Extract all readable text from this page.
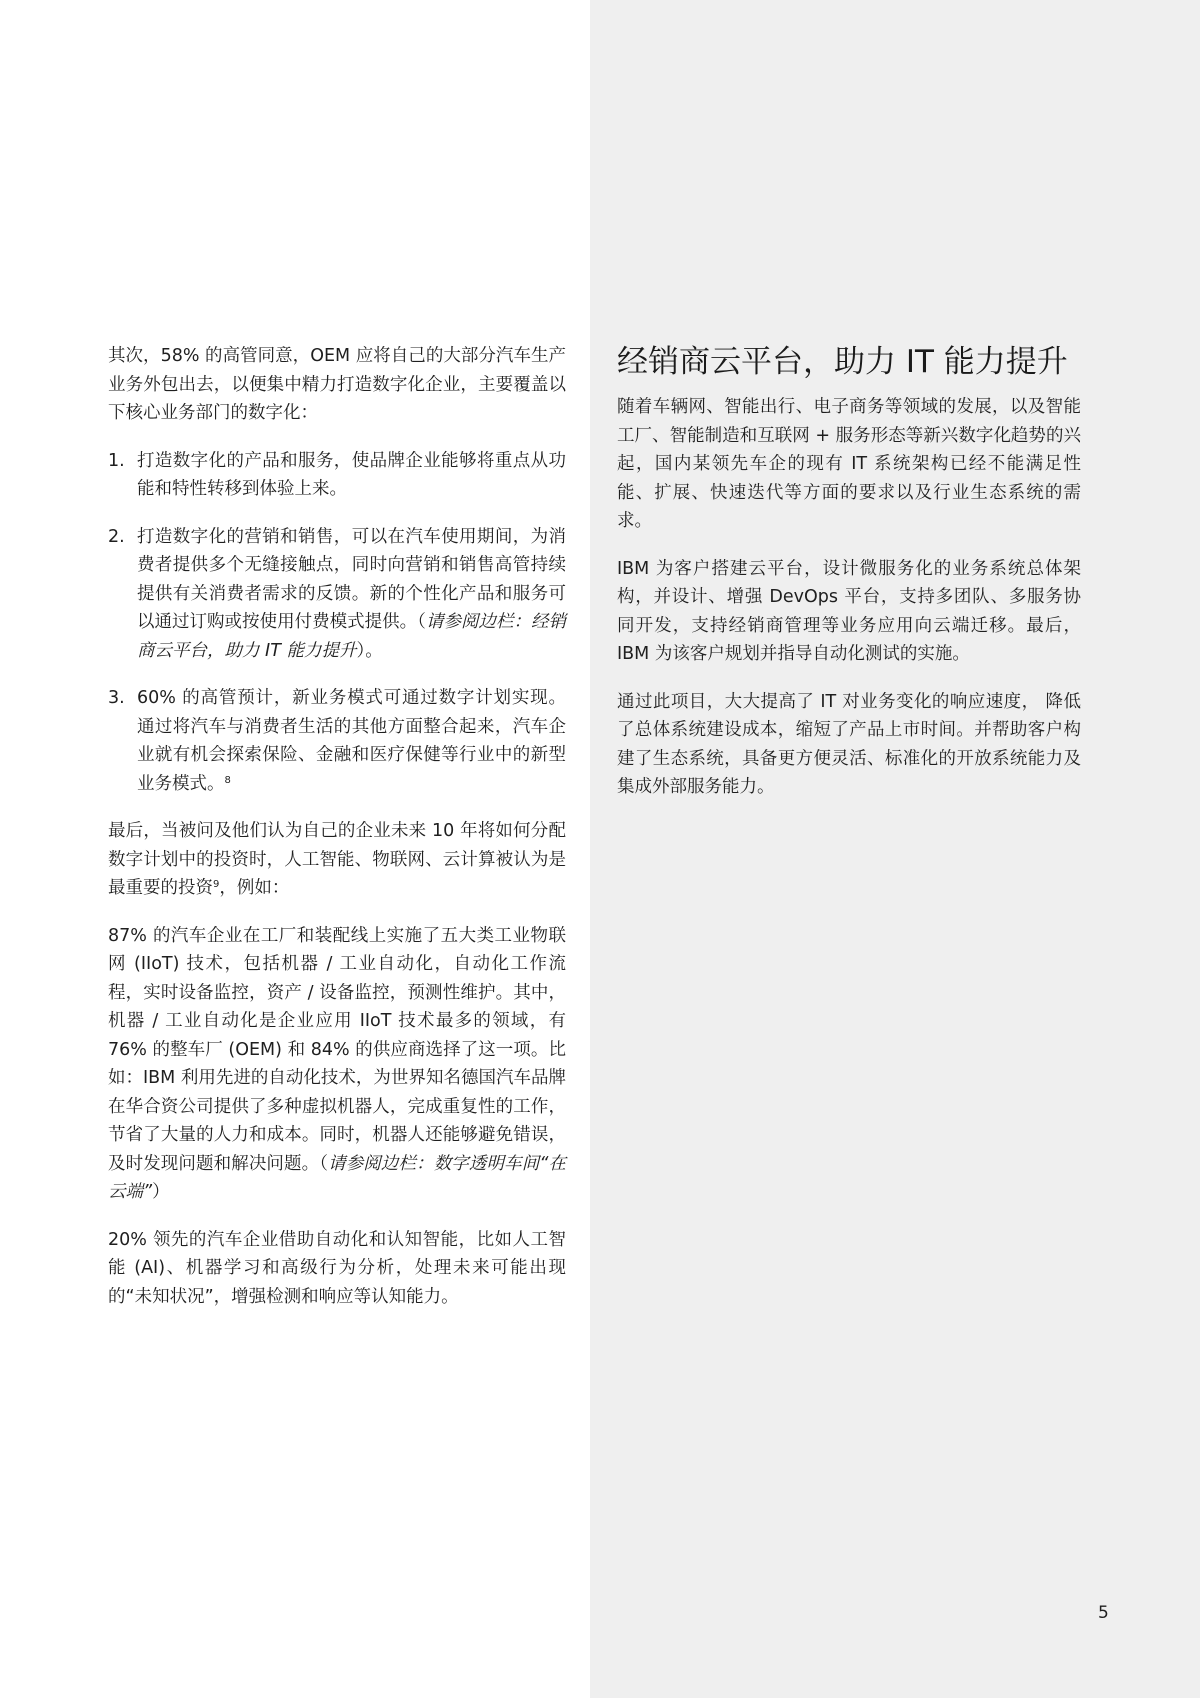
其次，58% 的高管同意，OEM 应将自己的大部分汽车生产业务外包出去，以便集中精力打造数字化企业，主要覆盖以下核心业务部门的数字化：

1. 打造数字化的产品和服务，使品牌企业能够将重点从功能和特性转移到体验上来。
2. 打造数字化的营销和销售，可以在汽车使用期间，为消费者提供多个无缝接触点，同时向营销和销售高管持续提供有关消费者需求的反馈。新的个性化产品和服务可以通过订购或按使用付费模式提供。（请参阅边栏：经销商云平台，助力 IT 能力提升）。
3. 60% 的高管预计，新业务模式可通过数字计划实现。通过将汽车与消费者生活的其他方面整合起来，汽车企业就有机会探索保险、金融和医疗保健等行业中的新型业务模式。$^8$

最后，当被问及他们认为自己的企业未来 10 年将如何分配数字计划中的投资时，人工智能、物联网、云计算被认为是最重要的投资$^9$，例如：

87% 的汽车企业在工厂和装配线上实施了五大类工业物联网 (IIoT) 技术，包括机器 / 工业自动化，自动化工作流程，实时设备监控，资产 / 设备监控，预测性维护。其中，机器 / 工业自动化是企业应用 IIoT 技术最多的领域，有 76% 的整车厂 (OEM) 和 84% 的供应商选择了这一项。比如：IBM 利用先进的自动化技术，为世界知名德国汽车品牌在华合资公司提供了多种虚拟机器人，完成重复性的工作，节省了大量的人力和成本。同时，机器人还能够避免错误，及时发现问题和解决问题。（请参阅边栏：数字透明车间“在云端”）

20% 领先的汽车企业借助自动化和认知智能，比如人工智能 (AI)、机器学习和高级行为分析，处理未来可能出现的“未知状况”，增强检测和响应等认知能力。

经销商云平台，助力 IT 能力提升

随着车辆网、智能出行、电子商务等领域的发展，以及智能工厂、智能制造和互联网 + 服务形态等新兴数字化趋势的兴起，国内某领先车企的现有 IT 系统架构已经不能满足性能、扩展、快速迭代等方面的要求以及行业生态系统的需求。

IBM 为客户搭建云平台，设计微服务化的业务系统总体架构，并设计、增强 DevOps 平台，支持多团队、多服务协同开发，支持经销商管理等业务应用向云端迁移。最后，IBM 为该客户规划并指导自动化测试的实施。

通过此项目，大大提高了 IT 对业务变化的响应速度， 降低了总体系统建设成本，缩短了产品上市时间。并帮助客户构建了生态系统，具备更方便灵活、标准化的开放系统能力及集成外部服务能力。

5
